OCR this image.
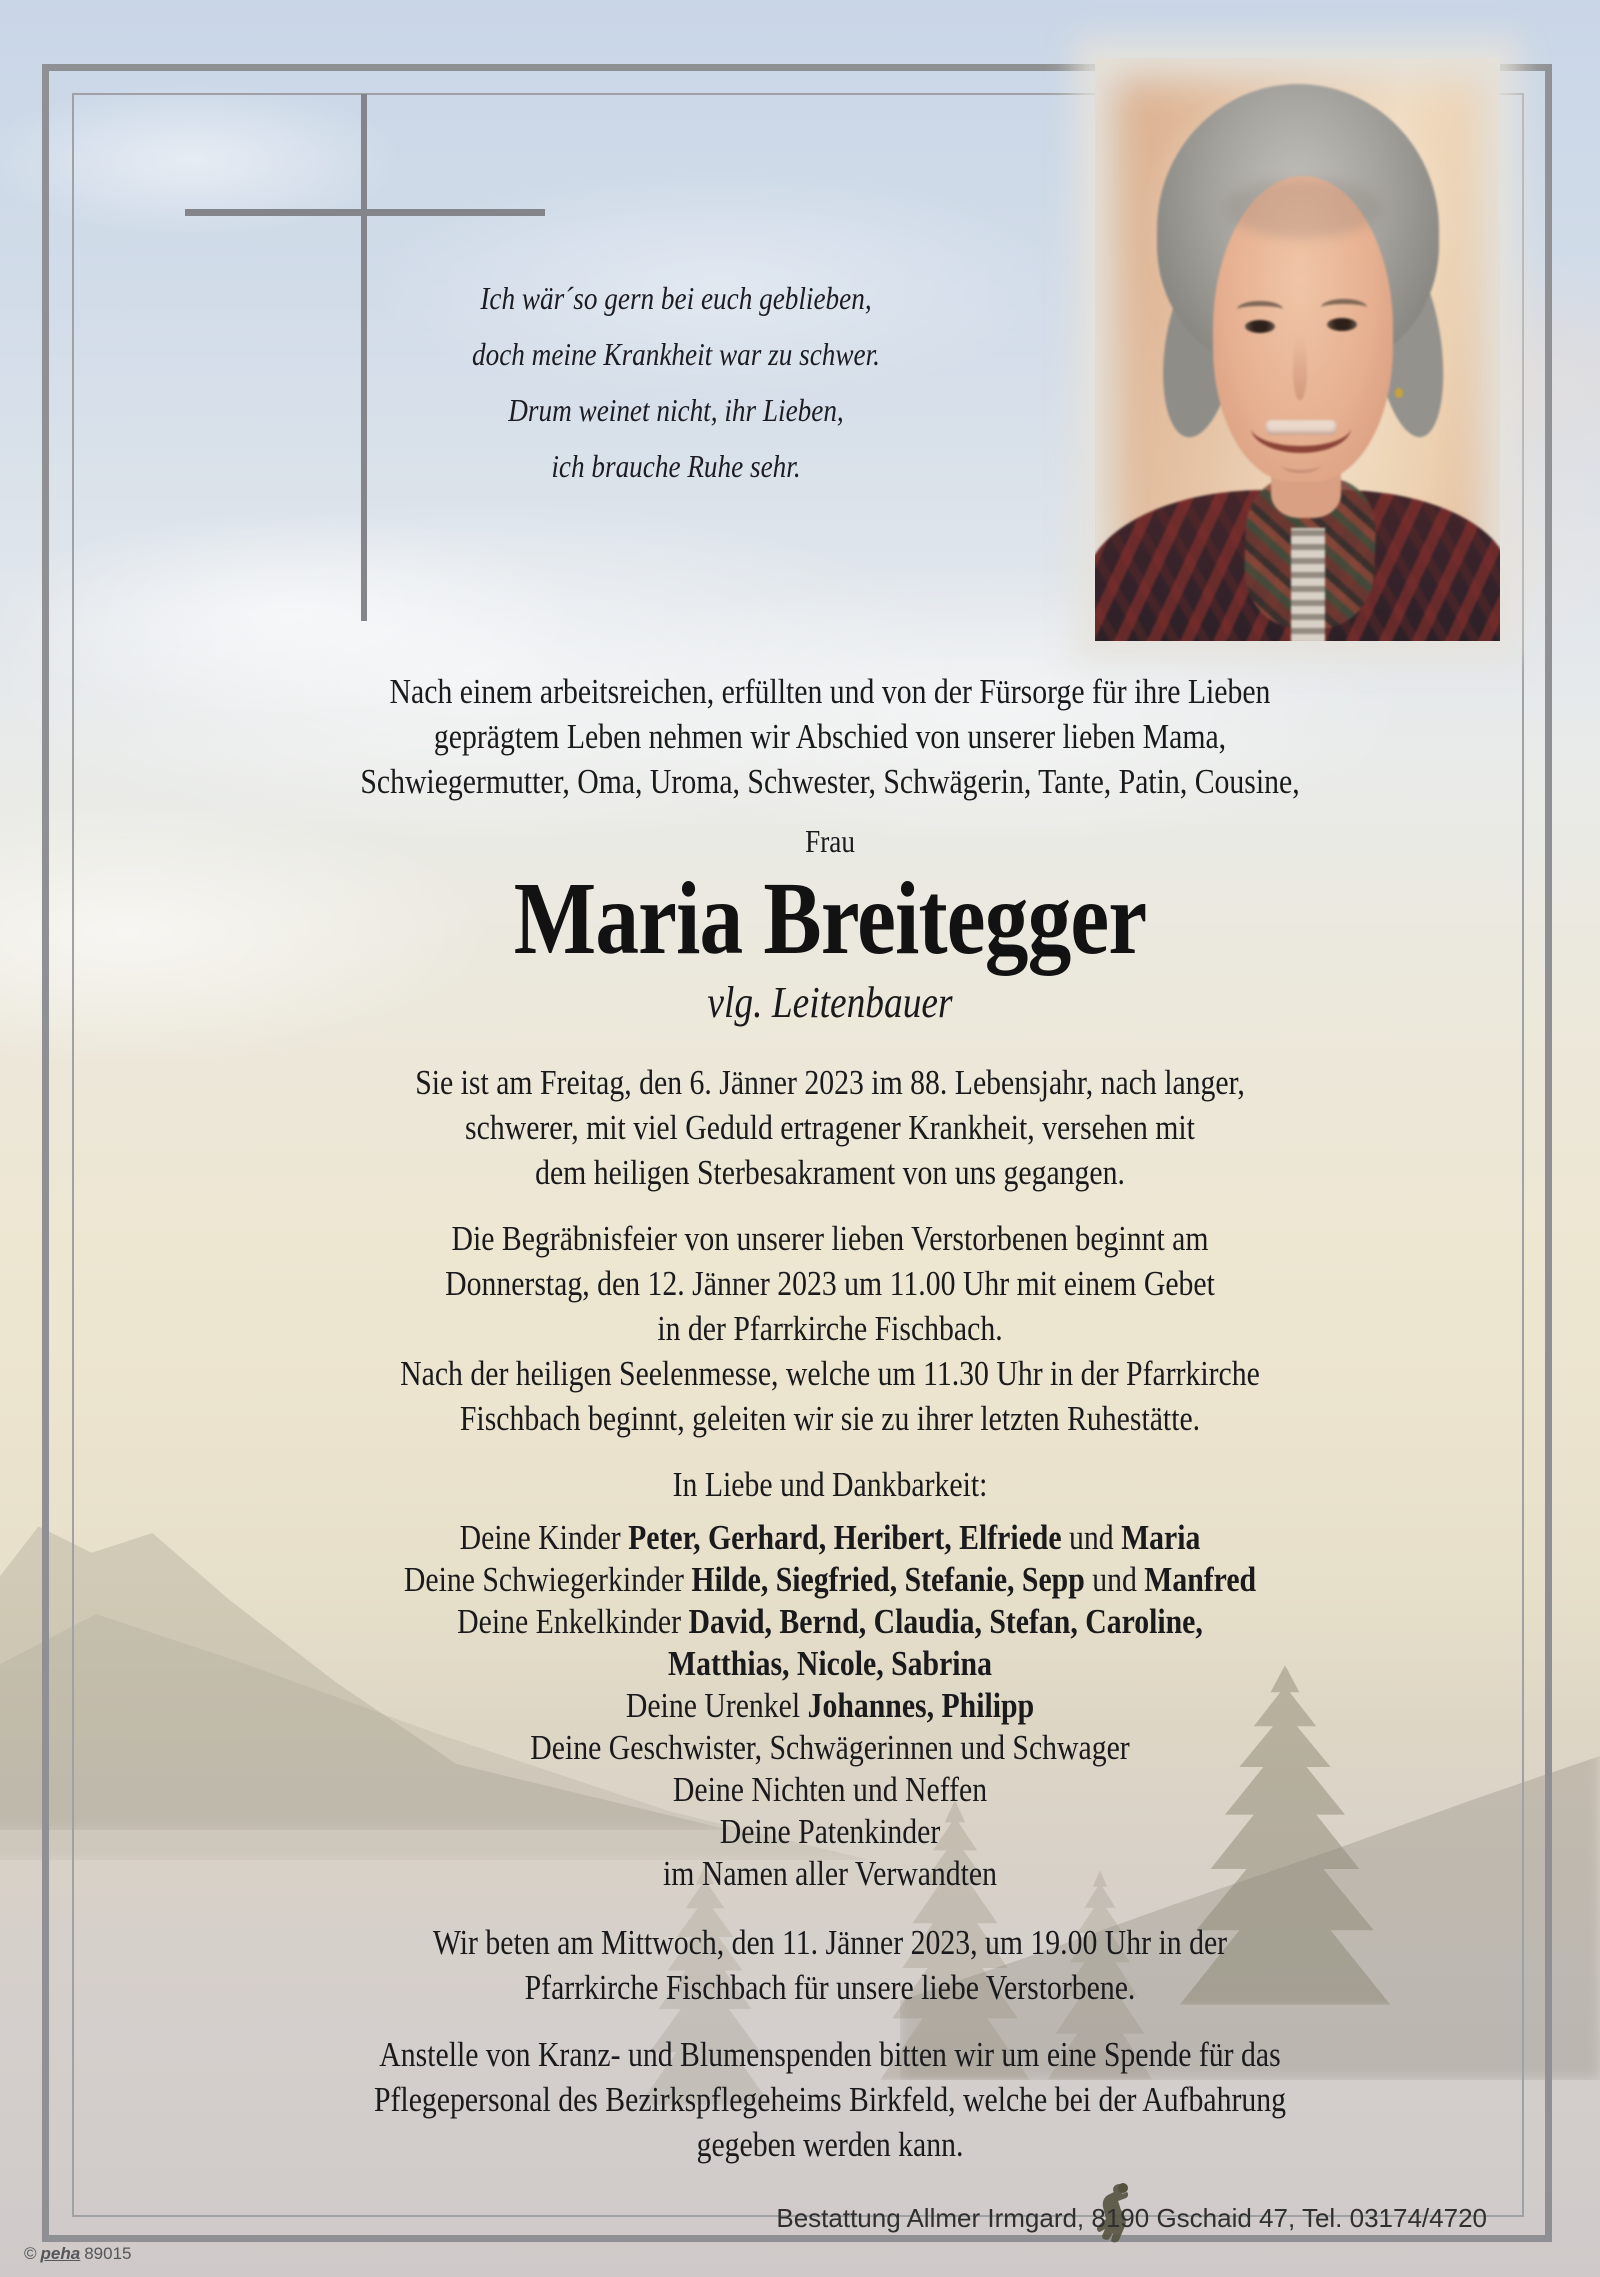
Ich wär´so gern bei euch geblieben,
doch meine Krankheit war zu schwer.
Drum weinet nicht, ihr Lieben,
ich brauche Ruhe sehr.
Nach einem arbeitsreichen, erfüllten und von der Fürsorge für ihre Lieben
geprägtem Leben nehmen wir Abschied von unserer lieben Mama,
Schwiegermutter, Oma, Uroma, Schwester, Schwägerin, Tante, Patin, Cousine,
Frau
Maria Breitegger
vlg. Leitenbauer
Sie ist am Freitag, den 6. Jänner 2023 im 88. Lebensjahr, nach langer,
schwerer, mit viel Geduld ertragener Krankheit, versehen mit
dem heiligen Sterbesakrament von uns gegangen.
Die Begräbnisfeier von unserer lieben Verstorbenen beginnt am
Donnerstag, den 12. Jänner 2023 um 11.00 Uhr mit einem Gebet
in der Pfarrkirche Fischbach.
Nach der heiligen Seelenmesse, welche um 11.30 Uhr in der Pfarrkirche
Fischbach beginnt, geleiten wir sie zu ihrer letzten Ruhestätte.
In Liebe und Dankbarkeit:
Deine Kinder Peter, Gerhard, Heribert, Elfriede und Maria
Deine Schwiegerkinder Hilde, Siegfried, Stefanie, Sepp und Manfred
Deine Enkelkinder David, Bernd, Claudia, Stefan, Caroline,
Matthias, Nicole, Sabrina
Deine Urenkel Johannes, Philipp
Deine Geschwister, Schwägerinnen und Schwager
Deine Nichten und Neffen
Deine Patenkinder
im Namen aller Verwandten
Wir beten am Mittwoch, den 11. Jänner 2023, um 19.00 Uhr in der
Pfarrkirche Fischbach für unsere liebe Verstorbene.
Anstelle von Kranz- und Blumenspenden bitten wir um eine Spende für das
Pflegepersonal des Bezirkspflegeheims Birkfeld, welche bei der Aufbahrung
gegeben werden kann.
Bestattung Allmer Irmgard, 8190 Gschaid 47, Tel. 03174/4720
© peha 89015
